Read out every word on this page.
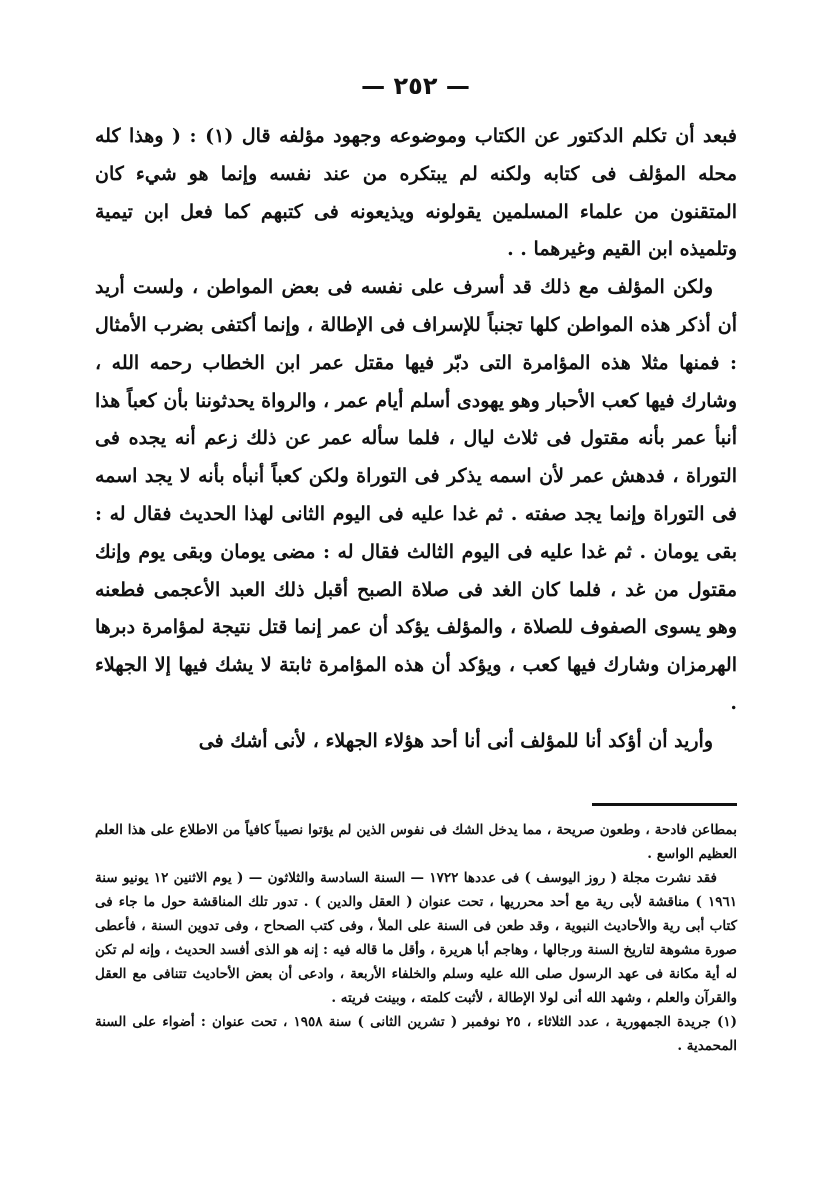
— ٢٥٢ —

فبعد أن تكلم الدكتور عن الكتاب وموضوعه وجهود مؤلفه قال (١) : ( وهذا كله محله المؤلف فى كتابه ولكنه لم يبتكره من عند نفسه وإنما هو شيء كان المتقنون من علماء المسلمين يقولونه ويذيعونه فى كتبهم كما فعل ابن تيمية وتلميذه ابن القيم وغيرهما . .

ولكن المؤلف مع ذلك قد أسرف على نفسه فى بعض المواطن ، ولست أريد أن أذكر هذه المواطن كلها تجنباً للإسراف فى الإطالة ، وإنما أكتفى بضرب الأمثال : فمنها مثلا هذه المؤامرة التى دبّر فيها مقتل عمر ابن الخطاب رحمه الله ، وشارك فيها كعب الأحبار وهو يهودى أسلم أيام عمر ، والرواة يحدثوننا بأن كعباً هذا أنبأ عمر بأنه مقتول فى ثلاث ليال ، فلما سأله عمر عن ذلك زعم أنه يجده فى التوراة ، فدهش عمر لأن اسمه يذكر فى التوراة ولكن كعباً أنبأه بأنه لا يجد اسمه فى التوراة وإنما يجد صفته . ثم غدا عليه فى اليوم الثانى لهذا الحديث فقال له : بقى يومان . ثم غدا عليه فى اليوم الثالث فقال له : مضى يومان وبقى يوم وإنك مقتول من غد ، فلما كان الغد فى صلاة الصبح أقبل ذلك العبد الأعجمى فطعنه وهو يسوى الصفوف للصلاة ، والمؤلف يؤكد أن عمر إنما قتل نتيجة لمؤامرة دبرها الهرمزان وشارك فيها كعب ، ويؤكد أن هذه المؤامرة ثابتة لا يشك فيها إلا الجهلاء .

وأريد أن أؤكد أنا للمؤلف أنى أنا أحد هؤلاء الجهلاء ، لأنى أشك فى

بمطاعن فادحة ، وطعون صريحة ، مما يدخل الشك فى نفوس الذين لم يؤتوا نصيباً كافياً من الاطلاع على هذا العلم العظيم الواسع .

فقد نشرت مجلة ( روز اليوسف ) فى عددها ١٧٢٢ — السنة السادسة والثلاثون — ( يوم الاثنين ١٢ يونيو سنة ١٩٦١ ) مناقشة لأبى رية مع أحد محرريها ، تحت عنوان ( العقل والدين ) . تدور تلك المناقشة حول ما جاء فى كتاب أبى رية والأحاديث النبوية ، وقد طعن فى السنة على الملأ ، وفى كتب الصحاح ، وفى تدوين السنة ، فأعطى صورة مشوهة لتاريخ السنة ورجالها ، وهاجم أبا هريرة ، وأقل ما قاله فيه : إنه هو الذى أفسد الحديث ، وإنه لم تكن له أية مكانة فى عهد الرسول صلى الله عليه وسلم والخلفاء الأربعة ، وادعى أن بعض الأحاديث تتنافى مع العقل والقرآن والعلم ، وشهد الله أنى لولا الإطالة ، لأثبت كلمته ، وبينت فريته .

(١) جريدة الجمهورية ، عدد الثلاثاء ، ٢٥ نوفمبر ( تشرين الثانى ) سنة ١٩٥٨ ، تحت عنوان : أضواء على السنة المحمدية .
